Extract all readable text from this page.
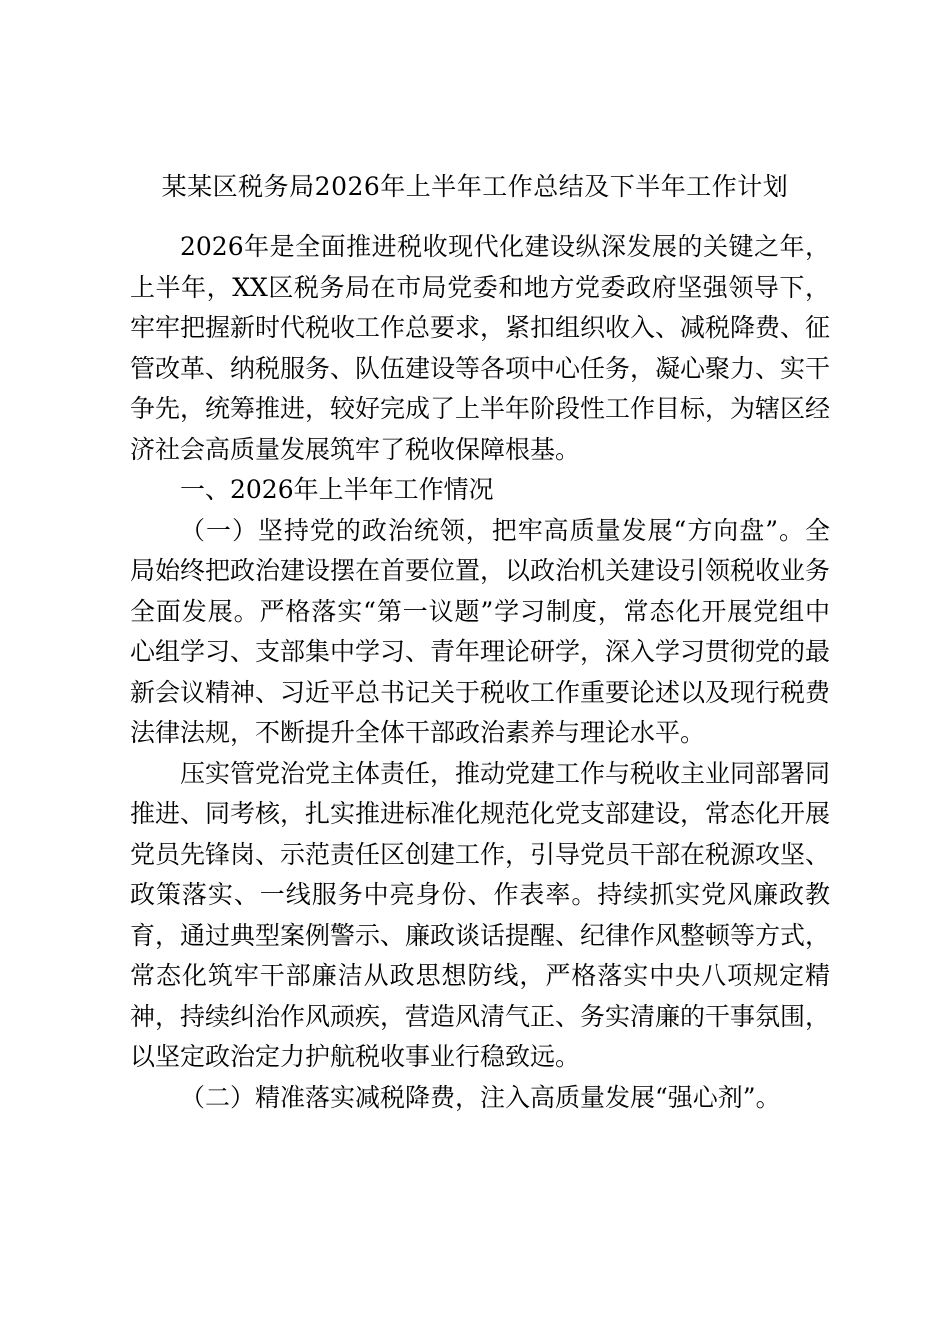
某某区税务局2026年上半年工作总结及下半年工作计划

2026年是全面推进税收现代化建设纵深发展的关键之年，上半年，XX区税务局在市局党委和地方党委政府坚强领导下，牢牢把握新时代税收工作总要求，紧扣组织收入、减税降费、征管改革、纳税服务、队伍建设等各项中心任务，凝心聚力、实干争先，统筹推进，较好完成了上半年阶段性工作目标，为辖区经济社会高质量发展筑牢了税收保障根基。

一、2026年上半年工作情况

（一）坚持党的政治统领，把牢高质量发展“方向盘”。全局始终把政治建设摆在首要位置，以政治机关建设引领税收业务全面发展。严格落实“第一议题”学习制度，常态化开展党组中心组学习、支部集中学习、青年理论研学，深入学习贯彻党的最新会议精神、习近平总书记关于税收工作重要论述以及现行税费法律法规，不断提升全体干部政治素养与理论水平。

压实管党治党主体责任，推动党建工作与税收主业同部署同推进、同考核，扎实推进标准化规范化党支部建设，常态化开展党员先锋岗、示范责任区创建工作，引导党员干部在税源攻坚、政策落实、一线服务中亮身份、作表率。持续抓实党风廉政教育，通过典型案例警示、廉政谈话提醒、纪律作风整顿等方式，常态化筑牢干部廉洁从政思想防线，严格落实中央八项规定精神，持续纠治作风顽疾，营造风清气正、务实清廉的干事氛围，以坚定政治定力护航税收事业行稳致远。

（二）精准落实减税降费，注入高质量发展“强心剂”。
